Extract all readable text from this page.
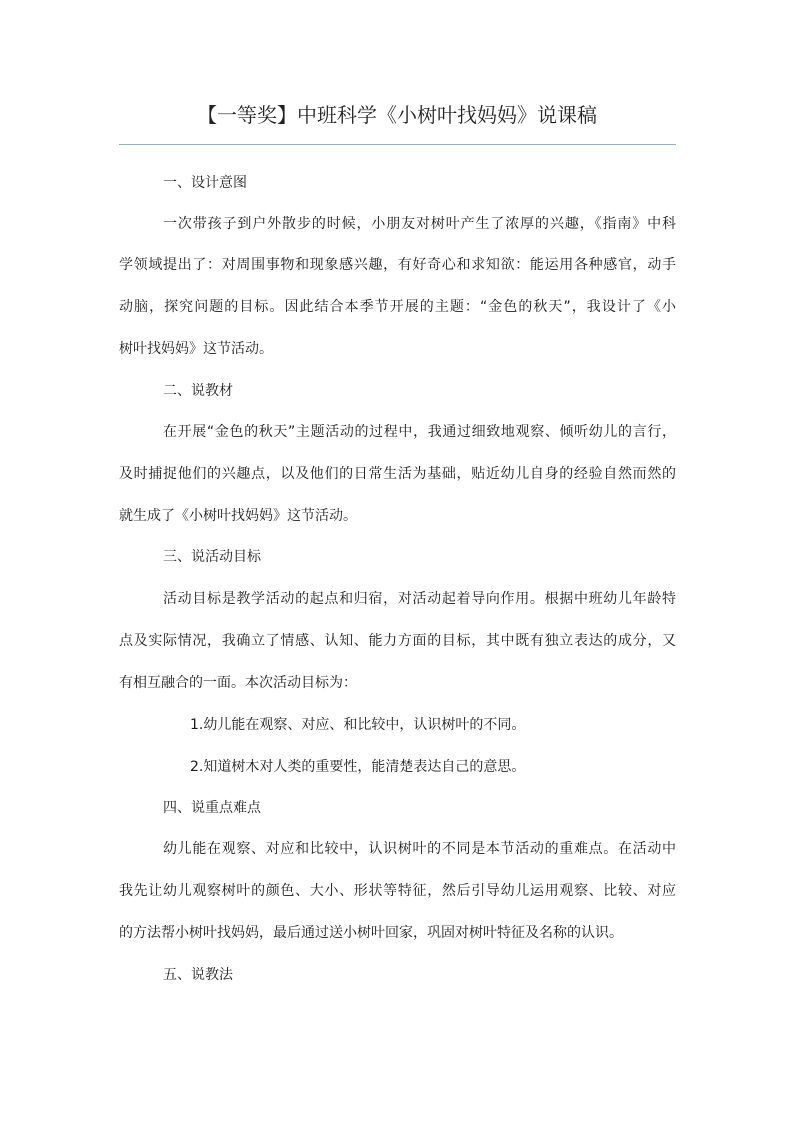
【一等奖】中班科学《小树叶找妈妈》说课稿
一、设计意图
一次带孩子到户外散步的时候，小朋友对树叶产生了浓厚的兴趣，《指南》中科
学领域提出了：对周围事物和现象感兴趣，有好奇心和求知欲：能运用各种感官，动手
动脑，探究问题的目标。因此结合本季节开展的主题：“金色的秋天”，我设计了《小
树叶找妈妈》这节活动。
二、说教材
在开展“金色的秋天”主题活动的过程中，我通过细致地观察、倾听幼儿的言行，
及时捕捉他们的兴趣点，以及他们的日常生活为基础，贴近幼儿自身的经验自然而然的
就生成了《小树叶找妈妈》这节活动。
三、说活动目标
活动目标是教学活动的起点和归宿，对活动起着导向作用。根据中班幼儿年龄特
点及实际情况，我确立了情感、认知、能力方面的目标，其中既有独立表达的成分，又
有相互融合的一面。本次活动目标为：
1.幼儿能在观察、对应、和比较中，认识树叶的不同。
2.知道树木对人类的重要性，能清楚表达自己的意思。
四、说重点难点
幼儿能在观察、对应和比较中，认识树叶的不同是本节活动的重难点。在活动中
我先让幼儿观察树叶的颜色、大小、形状等特征，然后引导幼儿运用观察、比较、对应
的方法帮小树叶找妈妈，最后通过送小树叶回家，巩固对树叶特征及名称的认识。
五、说教法
